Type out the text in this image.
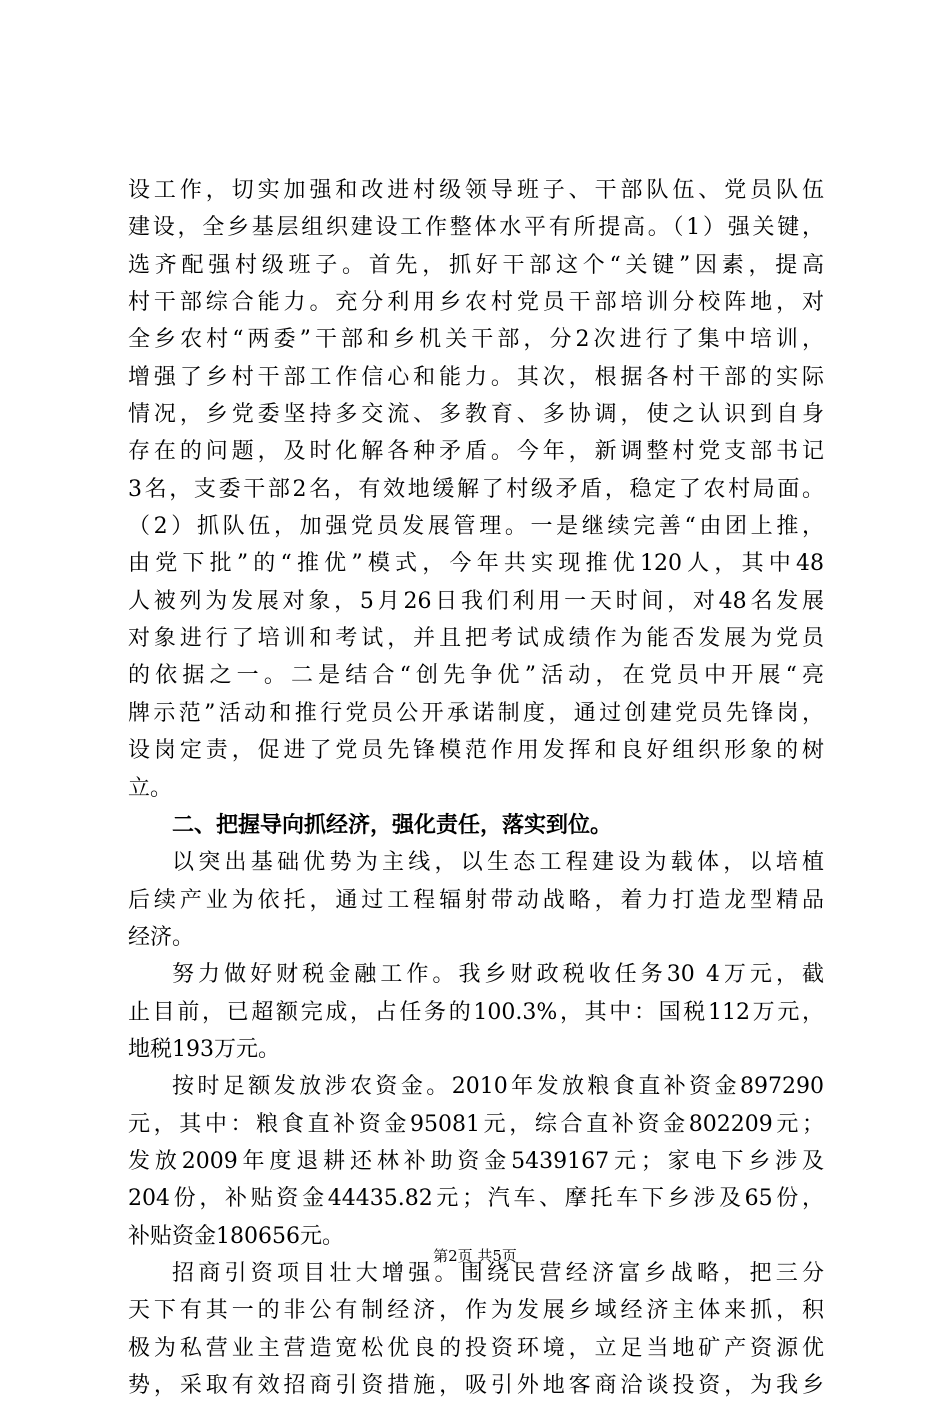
设工作，切实加强和改进村级领导班子、干部队伍、党员队伍
建设，全乡基层组织建设工作整体水平有所提高。（1）强关键，
选齐配强村级班子。首先，抓好干部这个“关键”因素，提高
村干部综合能力。充分利用乡农村党员干部培训分校阵地，对
全乡农村“两委”干部和乡机关干部，分2次进行了集中培训，
增强了乡村干部工作信心和能力。其次，根据各村干部的实际
情况，乡党委坚持多交流、多教育、多协调，使之认识到自身
存在的问题，及时化解各种矛盾。今年，新调整村党支部书记
3名，支委干部2名，有效地缓解了村级矛盾，稳定了农村局面。
（2）抓队伍，加强党员发展管理。一是继续完善“由团上推，
由党下批”的“推优”模式，今年共实现推优120人，其中48
人被列为发展对象，5月26日我们利用一天时间，对48名发展
对象进行了培训和考试，并且把考试成绩作为能否发展为党员
的依据之一。二是结合“创先争优”活动，在党员中开展“亮
牌示范”活动和推行党员公开承诺制度，通过创建党员先锋岗，
设岗定责，促进了党员先锋模范作用发挥和良好组织形象的树
立。
二、把握导向抓经济，强化责任，落实到位。
以突出基础优势为主线，以生态工程建设为载体，以培植
后续产业为依托，通过工程辐射带动战略，着力打造龙型精品
经济。
努力做好财税金融工作。我乡财政税收任务30 4万元，截
止目前，已超额完成，占任务的100.3%，其中：国税112万元，
地税193万元。
按时足额发放涉农资金。2010年发放粮食直补资金897290
元，其中：粮食直补资金95081元，综合直补资金802209元；
发放2009年度退耕还林补助资金5439167元；家电下乡涉及
204份，补贴资金44435.82元；汽车、摩托车下乡涉及65份，
补贴资金180656元。
招商引资项目壮大增强。围绕民营经济富乡战略，把三分
天下有其一的非公有制经济，作为发展乡域经济主体来抓，积
极为私营业主营造宽松优良的投资环境，立足当地矿产资源优
势，采取有效招商引资措施，吸引外地客商洽谈投资，为我乡
第2页 共5页
